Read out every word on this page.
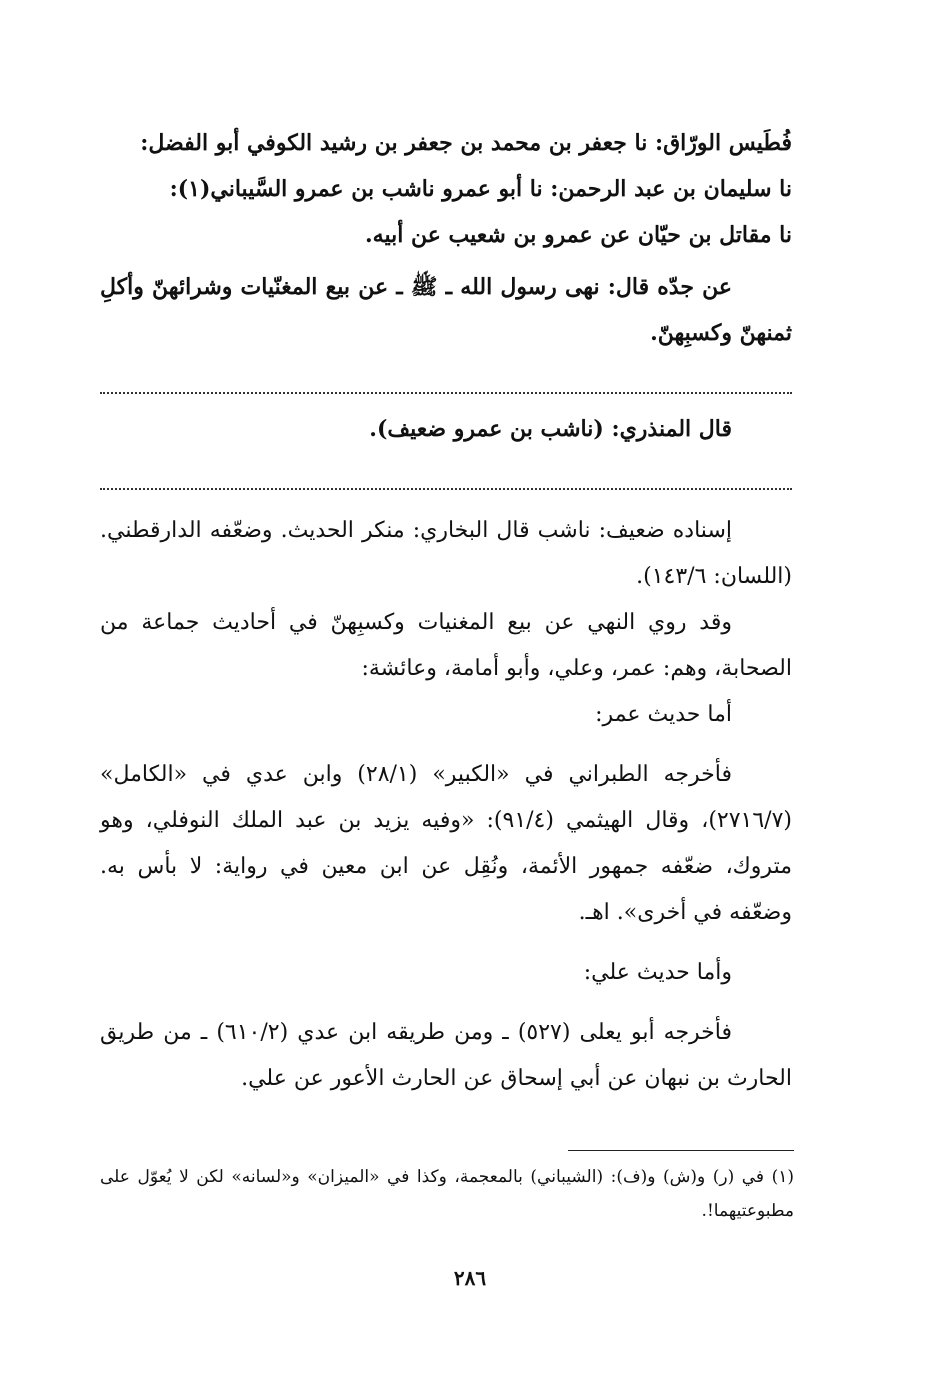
فُطَيس الورّاق: نا جعفر بن محمد بن جعفر بن رشيد الكوفي أبو الفضل:

نا سليمان بن عبد الرحمن: نا أبو عمرو ناشب بن عمرو السَّيباني(١):

نا مقاتل بن حيّان عن عمرو بن شعيب عن أبيه.

عن جدّه قال: نهى رسول الله ـ ﷺ ـ عن بيع المغنّيات وشرائهنّ وأكلِ ثمنهنّ وكسبِهنّ.

قال المنذري: (ناشب بن عمرو ضعيف).

إسناده ضعيف: ناشب قال البخاري: منكر الحديث. وضعّفه الدارقطني. (اللسان: ١٤٣/٦).

وقد روي النهي عن بيع المغنيات وكسبِهنّ في أحاديث جماعة من الصحابة، وهم: عمر، وعلي، وأبو أمامة، وعائشة:

أما حديث عمر:

فأخرجه الطبراني في «الكبير» (٢٨/١) وابن عدي في «الكامل» (٢٧١٦/٧)، وقال الهيثمي (٩١/٤): «وفيه يزيد بن عبد الملك النوفلي، وهو متروك، ضعّفه جمهور الأئمة، ونُقِل عن ابن معين في رواية: لا بأس به. وضعّفه في أخرى». اهـ.

وأما حديث علي:

فأخرجه أبو يعلى (٥٢٧) ـ ومن طريقه ابن عدي (٦١٠/٢) ـ من طريق الحارث بن نبهان عن أبي إسحاق عن الحارث الأعور عن علي.

(١) في (ر) و(ش) و(ف): (الشيباني) بالمعجمة، وكذا في «الميزان» و«لسانه» لكن لا يُعوّل على مطبوعتيهما!.

٢٨٦
